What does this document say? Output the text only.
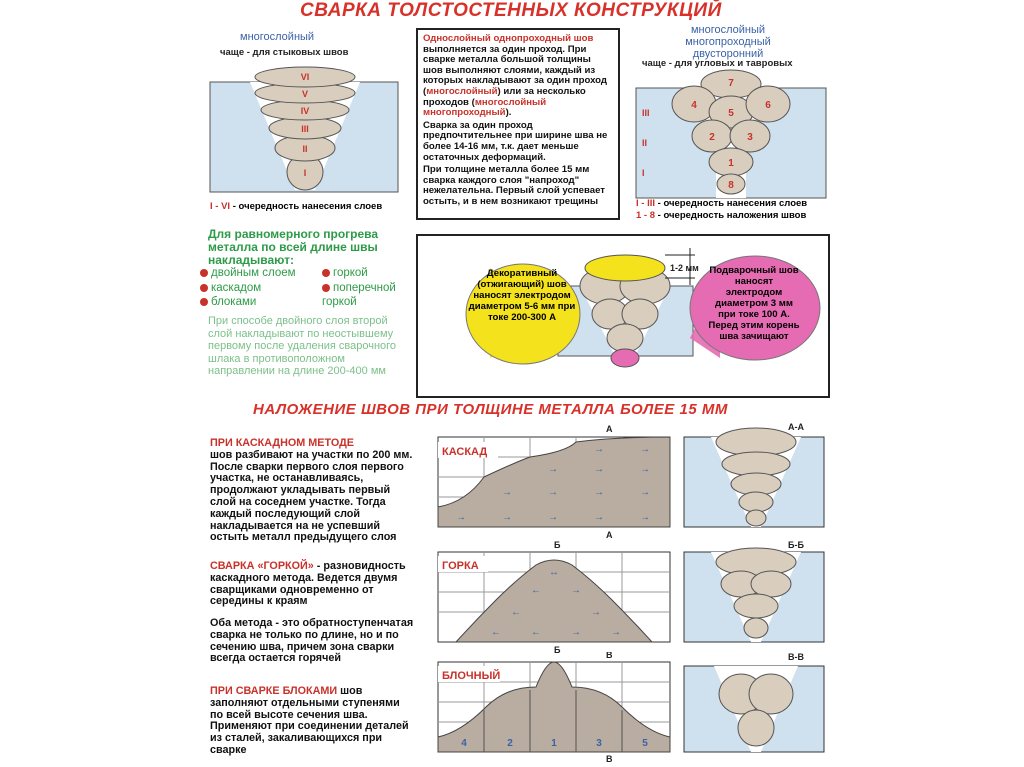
СВАРКА ТОЛСТОСТЕННЫХ КОНСТРУКЦИЙ
НАЛОЖЕНИЕ ШВОВ ПРИ ТОЛЩИНЕ МЕТАЛЛА БОЛЕЕ 15 ММ
многослойный
чаще - для стыковых швов
VI
V
IV
III
II
I
I - VI - очередность нанесения слоев
Однослойный однопроходный шов выполняется за один проход. При сварке металла большой толщины шов выполняют слоями, каждый из которых накладывают за один проход (многослойный) или за несколько проходов (многослойный многопроходный).
Сварка за один проход предпочтительнее при ширине шва не более 14-16 мм, т.к. дает меньше остаточных деформаций.
При толщине металла более 15 мм сварка каждого слоя "напроход" нежелательна. Первый слой успевает остыть, и в нем возникают трещины
многослойный
многопроходный
двусторонний
чаще - для угловых и тавровых
7
4
5
6
2	3
1
8
III
II
I
I - III - очередность нанесения слоев
1 - 8 - очередность наложения швов
Для равномерного прогрева металла по всей длине швы накладывают:
двойным слоем	горкой
каскадом	поперечной горкой
блоками
При способе двойного слоя второй слой накладывают по неостывшему первому после удаления сварочного шлака в противоположном направлении на длине 200-400 мм
1-2 мм
Декоративный (отжигающий) шов наносят электродом диаметром 5-6 мм при токе 200-300 А
Подварочный шов наносят электродом диаметром 3 мм при токе 100 А. Перед этим корень шва зачищают
ПРИ КАСКАДНОМ МЕТОДЕ
шов разбивают на участки по 200 мм. После сварки первого слоя первого участка, не останавливаясь, продолжают укладывать первый слой на соседнем участке. Тогда каждый последующий слой накладывается на не успевший остыть металл предыдущего слоя
СВАРКА «ГОРКОЙ» - разновидность каскадного метода. Ведется двумя сварщиками одновременно от середины к краям
Оба метода - это обратноступенчатая сварка не только по длине, но и по сечению шва, причем зона сварки всегда остается горячей
ПРИ СВАРКЕ БЛОКАМИ шов заполняют отдельными ступенями по всей высоте сечения шва. Применяют при соединении деталей из сталей, закаливающихся при сварке
→	→	→	→	→
→	→	→	→
→	→	→
→	→
КАСКАД
А
А
А-А
←	←	→	→
←	→
←	→
↔
ГОРКА
Б
Б
Б-Б
4	2	1	3	5
БЛОЧНЫЙ
В
В
В-В
